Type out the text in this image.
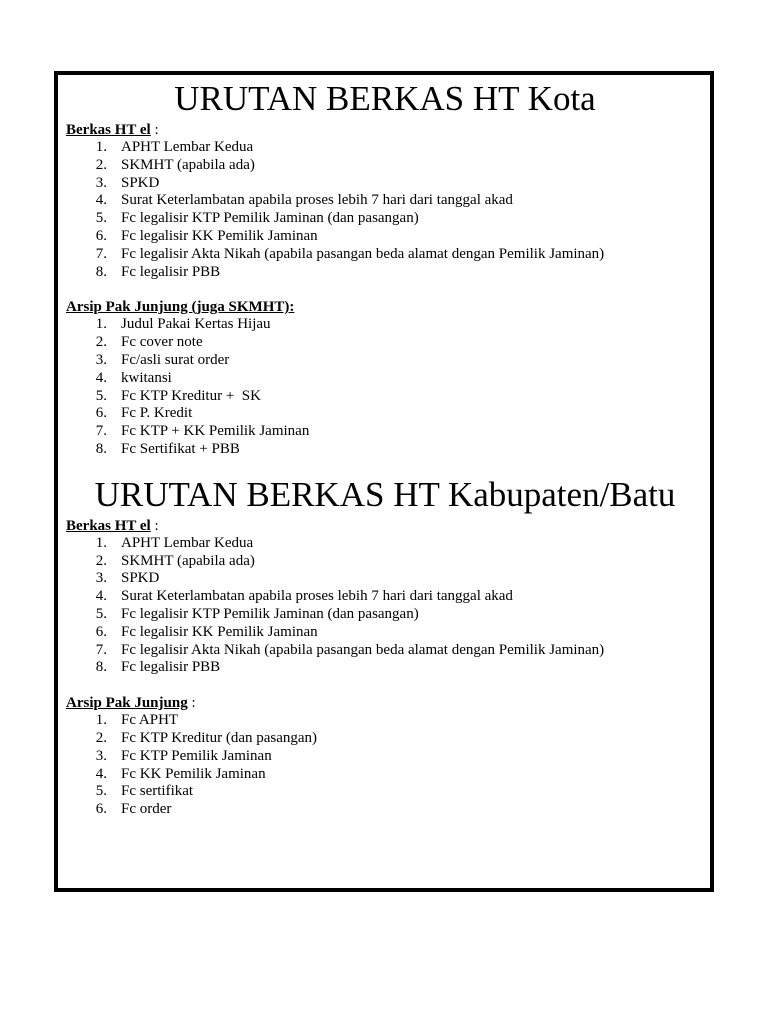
URUTAN BERKAS HT Kota
Berkas HT el :
1. APHT Lembar Kedua
2. SKMHT (apabila ada)
3. SPKD
4. Surat Keterlambatan apabila proses lebih 7 hari dari tanggal akad
5. Fc legalisir KTP Pemilik Jaminan (dan pasangan)
6. Fc legalisir KK Pemilik Jaminan
7. Fc legalisir Akta Nikah (apabila pasangan beda alamat dengan Pemilik Jaminan)
8. Fc legalisir PBB
Arsip Pak Junjung (juga SKMHT):
1. Judul Pakai Kertas Hijau
2. Fc cover note
3. Fc/asli surat order
4. kwitansi
5. Fc KTP Kreditur +  SK
6. Fc P. Kredit
7. Fc KTP + KK Pemilik Jaminan
8. Fc Sertifikat + PBB
URUTAN BERKAS HT Kabupaten/Batu
Berkas HT el :
1. APHT Lembar Kedua
2. SKMHT (apabila ada)
3. SPKD
4. Surat Keterlambatan apabila proses lebih 7 hari dari tanggal akad
5. Fc legalisir KTP Pemilik Jaminan (dan pasangan)
6. Fc legalisir KK Pemilik Jaminan
7. Fc legalisir Akta Nikah (apabila pasangan beda alamat dengan Pemilik Jaminan)
8. Fc legalisir PBB
Arsip Pak Junjung :
1. Fc APHT
2. Fc KTP Kreditur (dan pasangan)
3. Fc KTP Pemilik Jaminan
4. Fc KK Pemilik Jaminan
5. Fc sertifikat
6. Fc order
